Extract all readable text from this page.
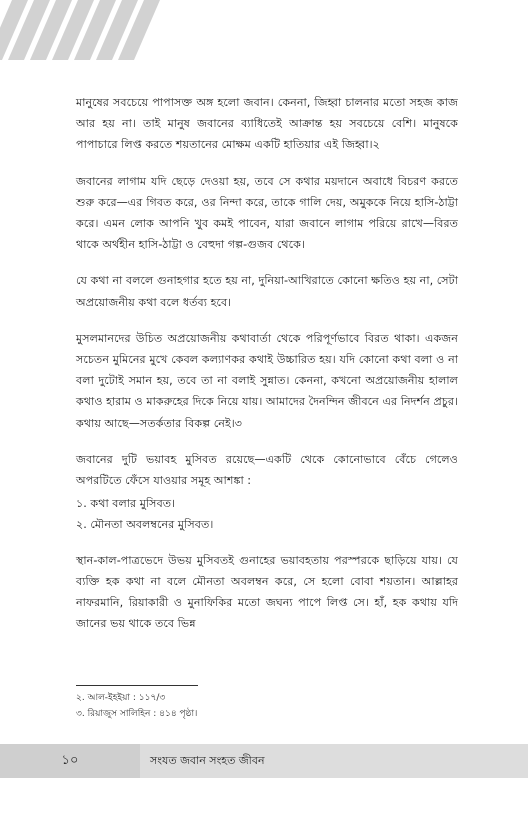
মানুষের সবচেয়ে পাপাসক্ত অঙ্গ হলো জবান। কেননা, জিহ্বা চালনার মতো সহজ কাজ আর হয় না। তাই মানুষ জবানের ব্যাধিতেই আক্রান্ত হয় সবচেয়ে বেশি। মানুষকে পাপাচারে লিপ্ত করতে শয়তানের মোক্ষম একটি হাতিয়ার এই জিহ্বা।২

জবানের লাগাম যদি ছেড়ে দেওয়া হয়, তবে সে কথার ময়দানে অবাধে বিচরণ করতে শুরু করে—এর গিবত করে, ওর নিন্দা করে, তাকে গালি দেয়, অমুককে নিয়ে হাসি-ঠাট্টা করে। এমন লোক আপনি খুব কমই পাবেন, যারা জবানে লাগাম পরিয়ে রাখে—বিরত থাকে অর্থহীন হাসি-ঠাট্টা ও বেহুদা গল্প-গুজব থেকে।

যে কথা না বললে গুনাহগার হতে হয় না, দুনিয়া-আখিরাতে কোনো ক্ষতিও হয় না, সেটা অপ্রয়োজনীয় কথা বলে ধর্তব্য হবে।

মুসলমানদের উচিত অপ্রয়োজনীয় কথাবার্তা থেকে পরিপূর্ণভাবে বিরত থাকা। একজন সচেতন মুমিনের মুখে কেবল কল্যাণকর কথাই উচ্চারিত হয়। যদি কোনো কথা বলা ও না বলা দুটোই সমান হয়, তবে তা না বলাই সুন্নাত। কেননা, কখনো অপ্রয়োজনীয় হালাল কথাও হারাম ও মাকরুহের দিকে নিয়ে যায়। আমাদের দৈনন্দিন জীবনে এর নিদর্শন প্রচুর। কথায় আছে—সতর্কতার বিকল্প নেই।৩

জবানের দুটি ভয়াবহ মুসিবত রয়েছে—একটি থেকে কোনোভাবে বেঁচে গেলেও অপরটিতে ফেঁসে যাওয়ার সমূহ আশঙ্কা :

১. কথা বলার মুসিবত।
২. মৌনতা অবলম্বনের মুসিবত।

স্থান-কাল-পাত্রভেদে উভয় মুসিবতই গুনাহের ভয়াবহতায় পরস্পরকে ছাড়িয়ে যায়। যে ব্যক্তি হক কথা না বলে মৌনতা অবলম্বন করে, সে হলো বোবা শয়তান। আল্লাহর নাফরমানি, রিয়াকারী ও মুনাফিকির মতো জঘন্য পাপে লিপ্ত সে। হাঁ, হক কথায় যদি জানের ভয় থাকে তবে ভিন্ন

২. আল-ইহইয়া : ১১৭/৩
৩. রিয়াজুস সালিহিন : ৪১৪ পৃষ্ঠা।
১০	সংযত জবান সংহত জীবন
